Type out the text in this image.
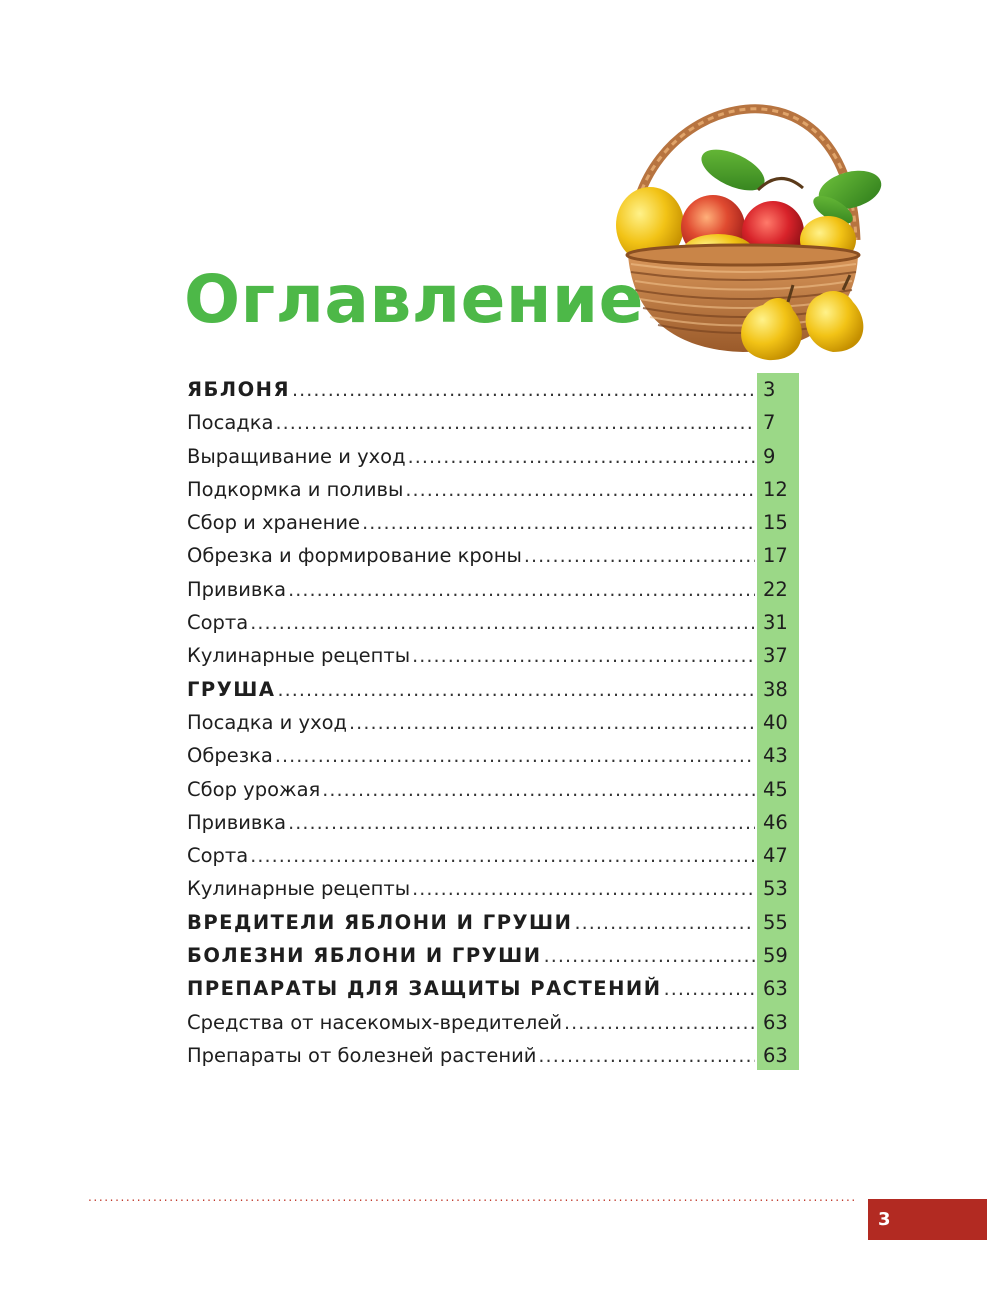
Оглавление
ЯБЛОНЯ .....	3
Посадка .....	7
Выращивание и уход .....	9
Подкормка и поливы .....	12
Сбор и хранение .....	15
Обрезка и формирование кроны .....	17
Прививка .....	22
Сорта .....	31
Кулинарные рецепты .....	37
ГРУША .....	38
Посадка и уход .....	40
Обрезка .....	43
Сбор урожая .....	45
Прививка .....	46
Сорта .....	47
Кулинарные рецепты .....	53
ВРЕДИТЕЛИ ЯБЛОНИ И ГРУШИ .....	55
БОЛЕЗНИ ЯБЛОНИ И ГРУШИ .....	59
ПРЕПАРАТЫ ДЛЯ ЗАЩИТЫ РАСТЕНИЙ .....	63
Средства от насекомых-вредителей .....	63
Препараты от болезней растений .....	63
.....
3
